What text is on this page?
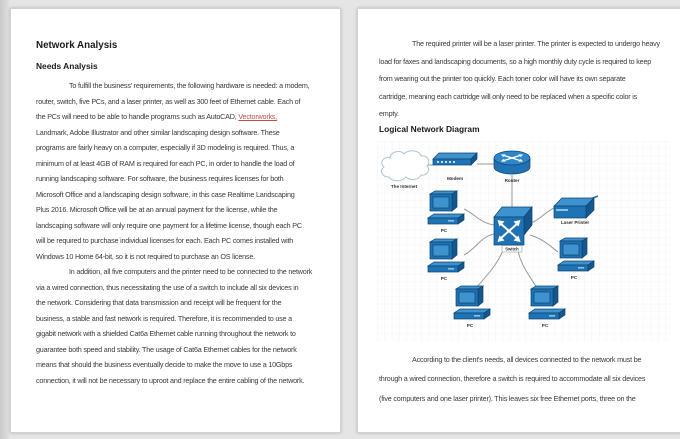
Network Analysis
Needs Analysis
To fulfill the business' requirements, the following hardware is needed: a modem,
router, switch, five PCs, and a laser printer, as well as 300 feet of Ethernet cable. Each of
the PCs will need to be able to handle programs such as AutoCAD, Vectorworks,
Landmark, Adobe Illustrator and other similar landscaping design software. These
programs are fairly heavy on a computer, especially if 3D modeling is required. Thus, a
minimum of at least 4GB of RAM is required for each PC, in order to handle the load of
running landscaping software. For software, the business requires licenses for both
Microsoft Office and a landscaping design software, in this case Realtime Landscaping
Plus 2016. Microsoft Office will be at an annual payment for the license, while the
landscaping software will only require one payment for a lifetime license, though each PC
will be required to purchase individual licenses for each. Each PC comes installed with
Windows 10 Home 64-bit, so it is not required to purchase an OS license.
In addition, all five computers and the printer need to be connected to the network
via a wired connection, thus necessitating the use of a switch to include all six devices in
the network. Considering that data transmission and receipt will be frequent for the
business, a stable and fast network is required. Therefore, it is recommended to use a
gigabit network with a shielded Cat6a Ethernet cable running throughout the network to
guarantee both speed and stability. The usage of Cat6a Ethernet cables for the network
means that should the business eventually decide to make the move to use a 10Gbps
connection, it will not be necessary to uproot and replace the entire cabling of the network.
The required printer will be a laser printer. The printer is expected to undergo heavy
load for faxes and landscaping documents, so a high monthly duty cycle is required to keep
from wearing out the printer too quickly. Each toner color will have its own separate
cartridge, meaning each cartridge will only need to be replaced when a specific color is
empty.
Logical Network Diagram
The Internet
Modem	Router
Laser Printer
PC
PC	PC
PC	PC
Switch
According to the client's needs, all devices connected to the network must be
through a wired connection, therefore a switch is required to accommodate all six devices
(five computers and one laser printer). This leaves six free Ethernet ports, three on the
